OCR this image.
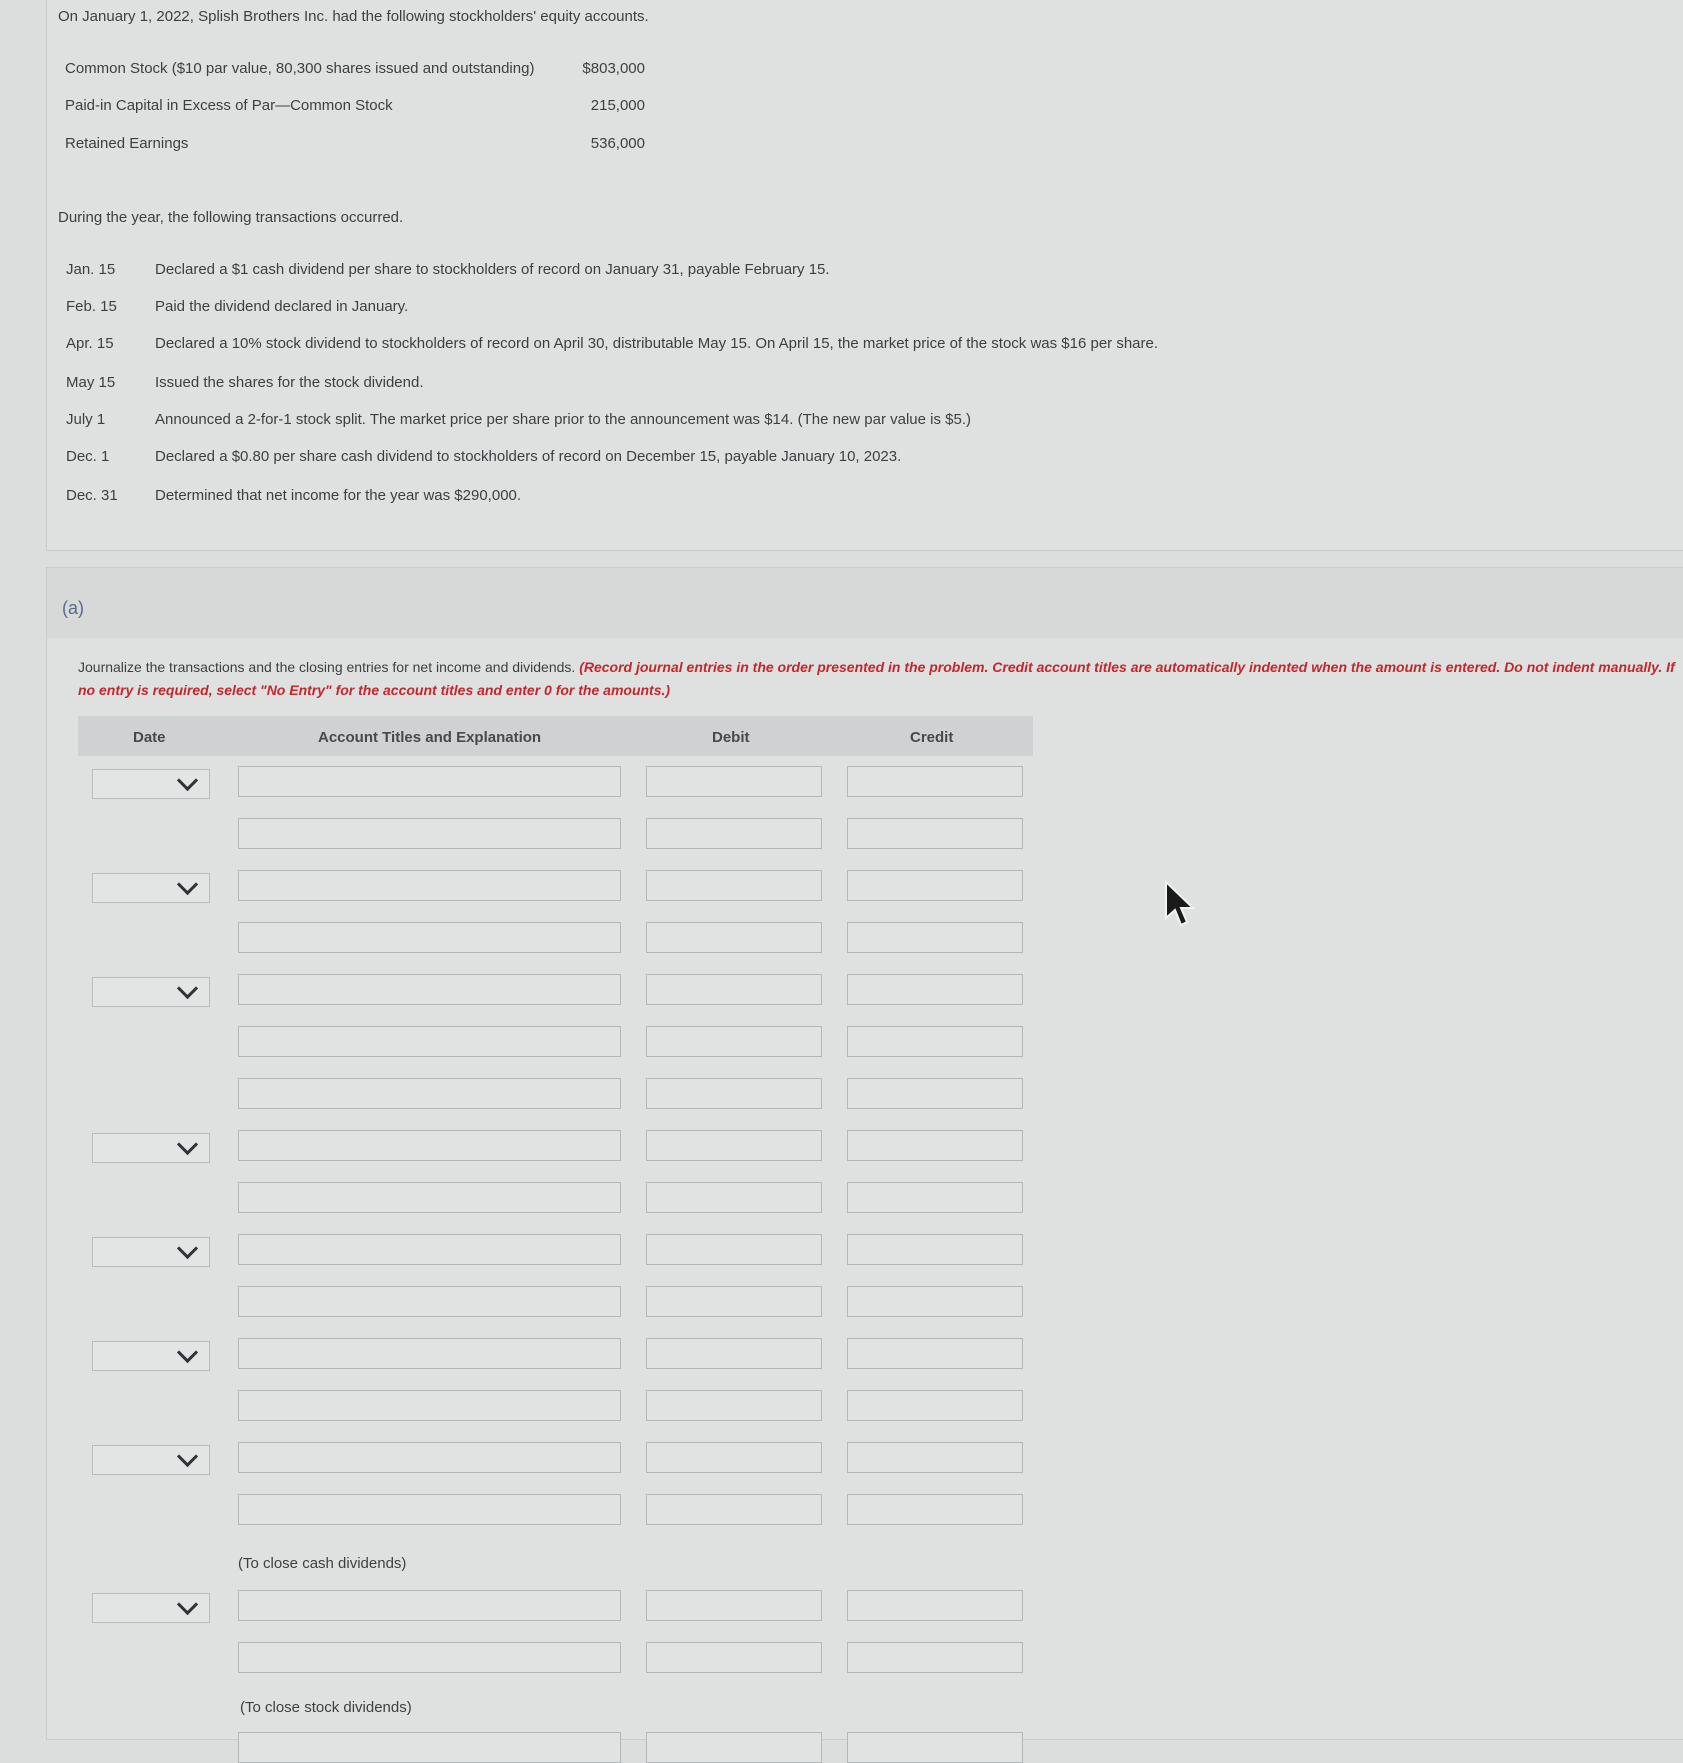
On January 1, 2022, Splish Brothers Inc. had the following stockholders' equity accounts.
Common Stock ($10 par value, 80,300 shares issued and outstanding)	$803,000
Paid-in Capital in Excess of Par—Common Stock	215,000
Retained Earnings	536,000
During the year, the following transactions occurred.
Jan. 15	Declared a $1 cash dividend per share to stockholders of record on January 31, payable February 15.
Feb. 15	Paid the dividend declared in January.
Apr. 15	Declared a 10% stock dividend to stockholders of record on April 30, distributable May 15. On April 15, the market price of the stock was $16 per share.
May 15	Issued the shares for the stock dividend.
July 1	Announced a 2-for-1 stock split. The market price per share prior to the announcement was $14. (The new par value is $5.)
Dec. 1	Declared a $0.80 per share cash dividend to stockholders of record on December 15, payable January 10, 2023.
Dec. 31 Determined that net income for the year was $290,000.
(a)
Journalize the transactions and the closing entries for net income and dividends. (Record journal entries in the order presented in the problem. Credit account titles are automatically indented when the amount is entered. Do not indent manually. If no entry is required, select "No Entry" for the account titles and enter 0 for the amounts.)
Date	Account Titles and Explanation	Debit	Credit
(To close cash dividends)
(To close stock dividends)
